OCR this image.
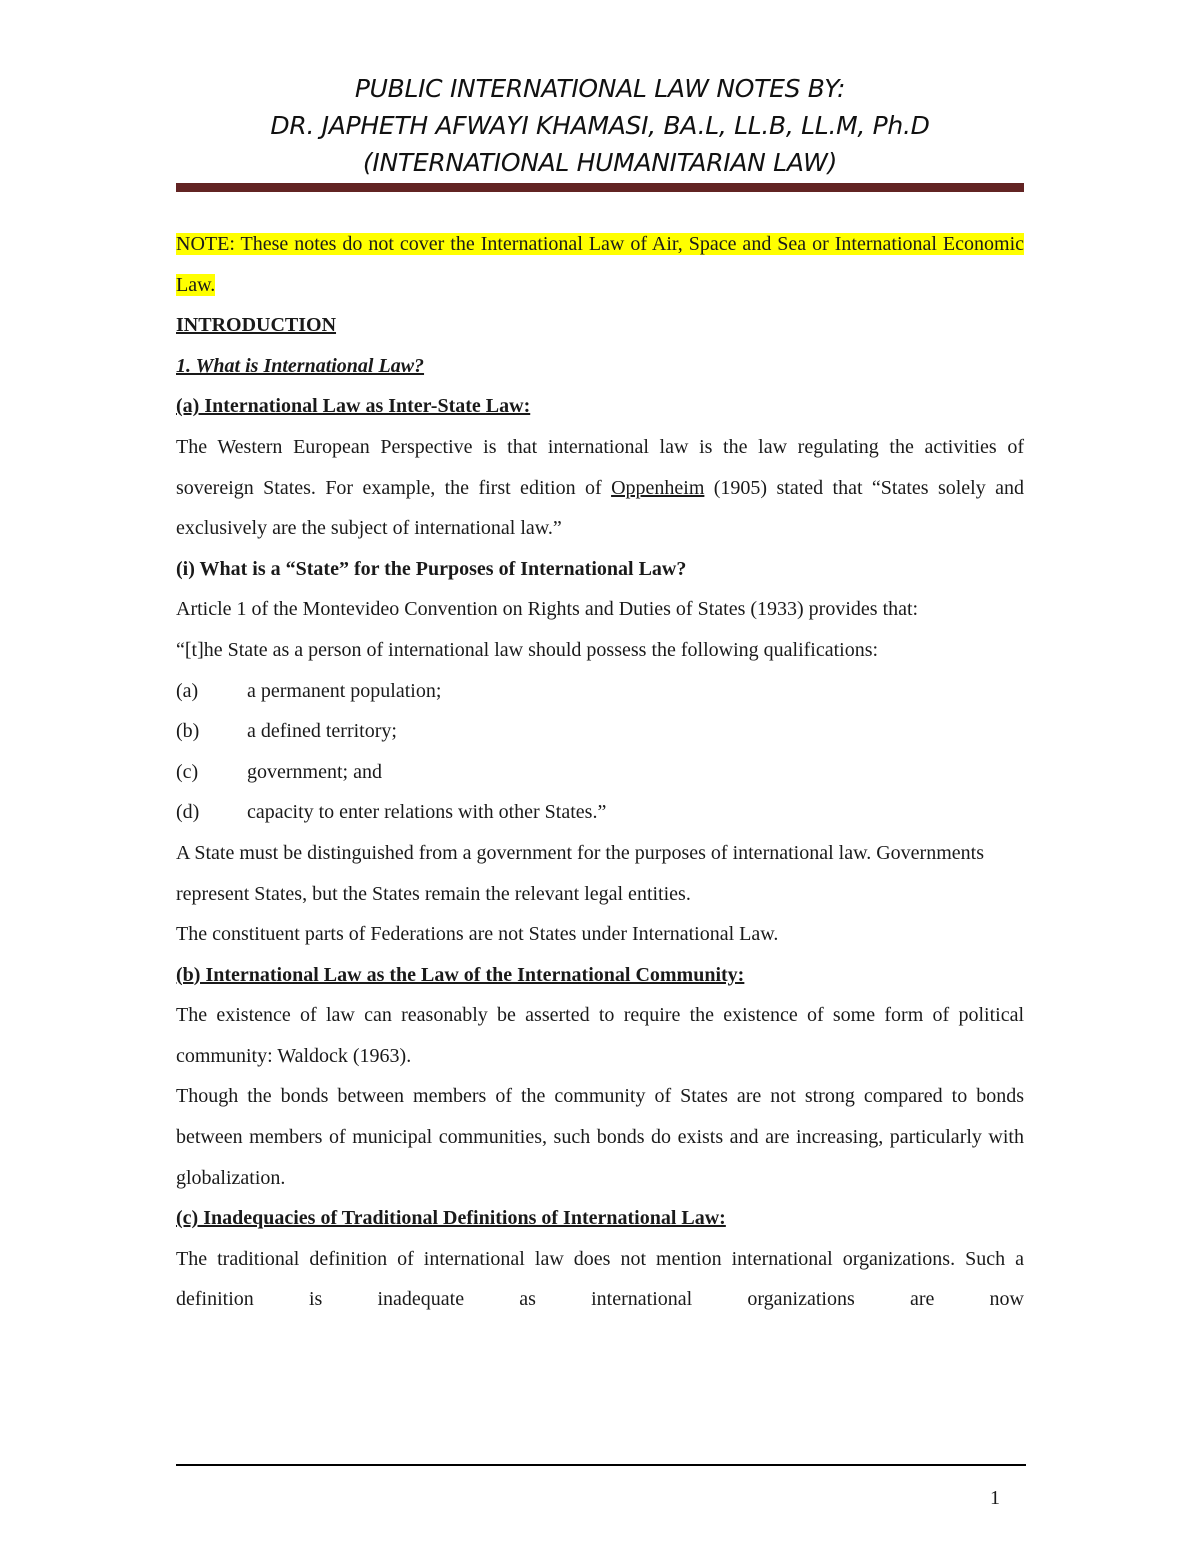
PUBLIC INTERNATIONAL LAW NOTES BY:
DR. JAPHETH AFWAYI KHAMASI, BA.L, LL.B, LL.M, Ph.D
(INTERNATIONAL HUMANITARIAN LAW)

NOTE: These notes do not cover the International Law of Air, Space and Sea or International Economic Law.

INTRODUCTION

1. What is International Law?

(a) International Law as Inter-State Law:

The Western European Perspective is that international law is the law regulating the activities of sovereign States. For example, the first edition of Oppenheim (1905) stated that “States solely and exclusively are the subject of international law.”

(i) What is a “State” for the Purposes of International Law?

Article 1 of the Montevideo Convention on Rights and Duties of States (1933) provides that:

“[t]he State as a person of international law should possess the following qualifications:

(a)	a permanent population;
(b)	a defined territory;
(c)	government; and
(d)	capacity to enter relations with other States.”

A State must be distinguished from a government for the purposes of international law. Governments represent States, but the States remain the relevant legal entities.

The constituent parts of Federations are not States under International Law.

(b) International Law as the Law of the International Community:

The existence of law can reasonably be asserted to require the existence of some form of political community: Waldock (1963).

Though the bonds between members of the community of States are not strong compared to bonds between members of municipal communities, such bonds do exists and are increasing, particularly with globalization.

(c) Inadequacies of Traditional Definitions of International Law:

The traditional definition of international law does not mention international organizations. Such a definition is inadequate as international organizations are now

1
